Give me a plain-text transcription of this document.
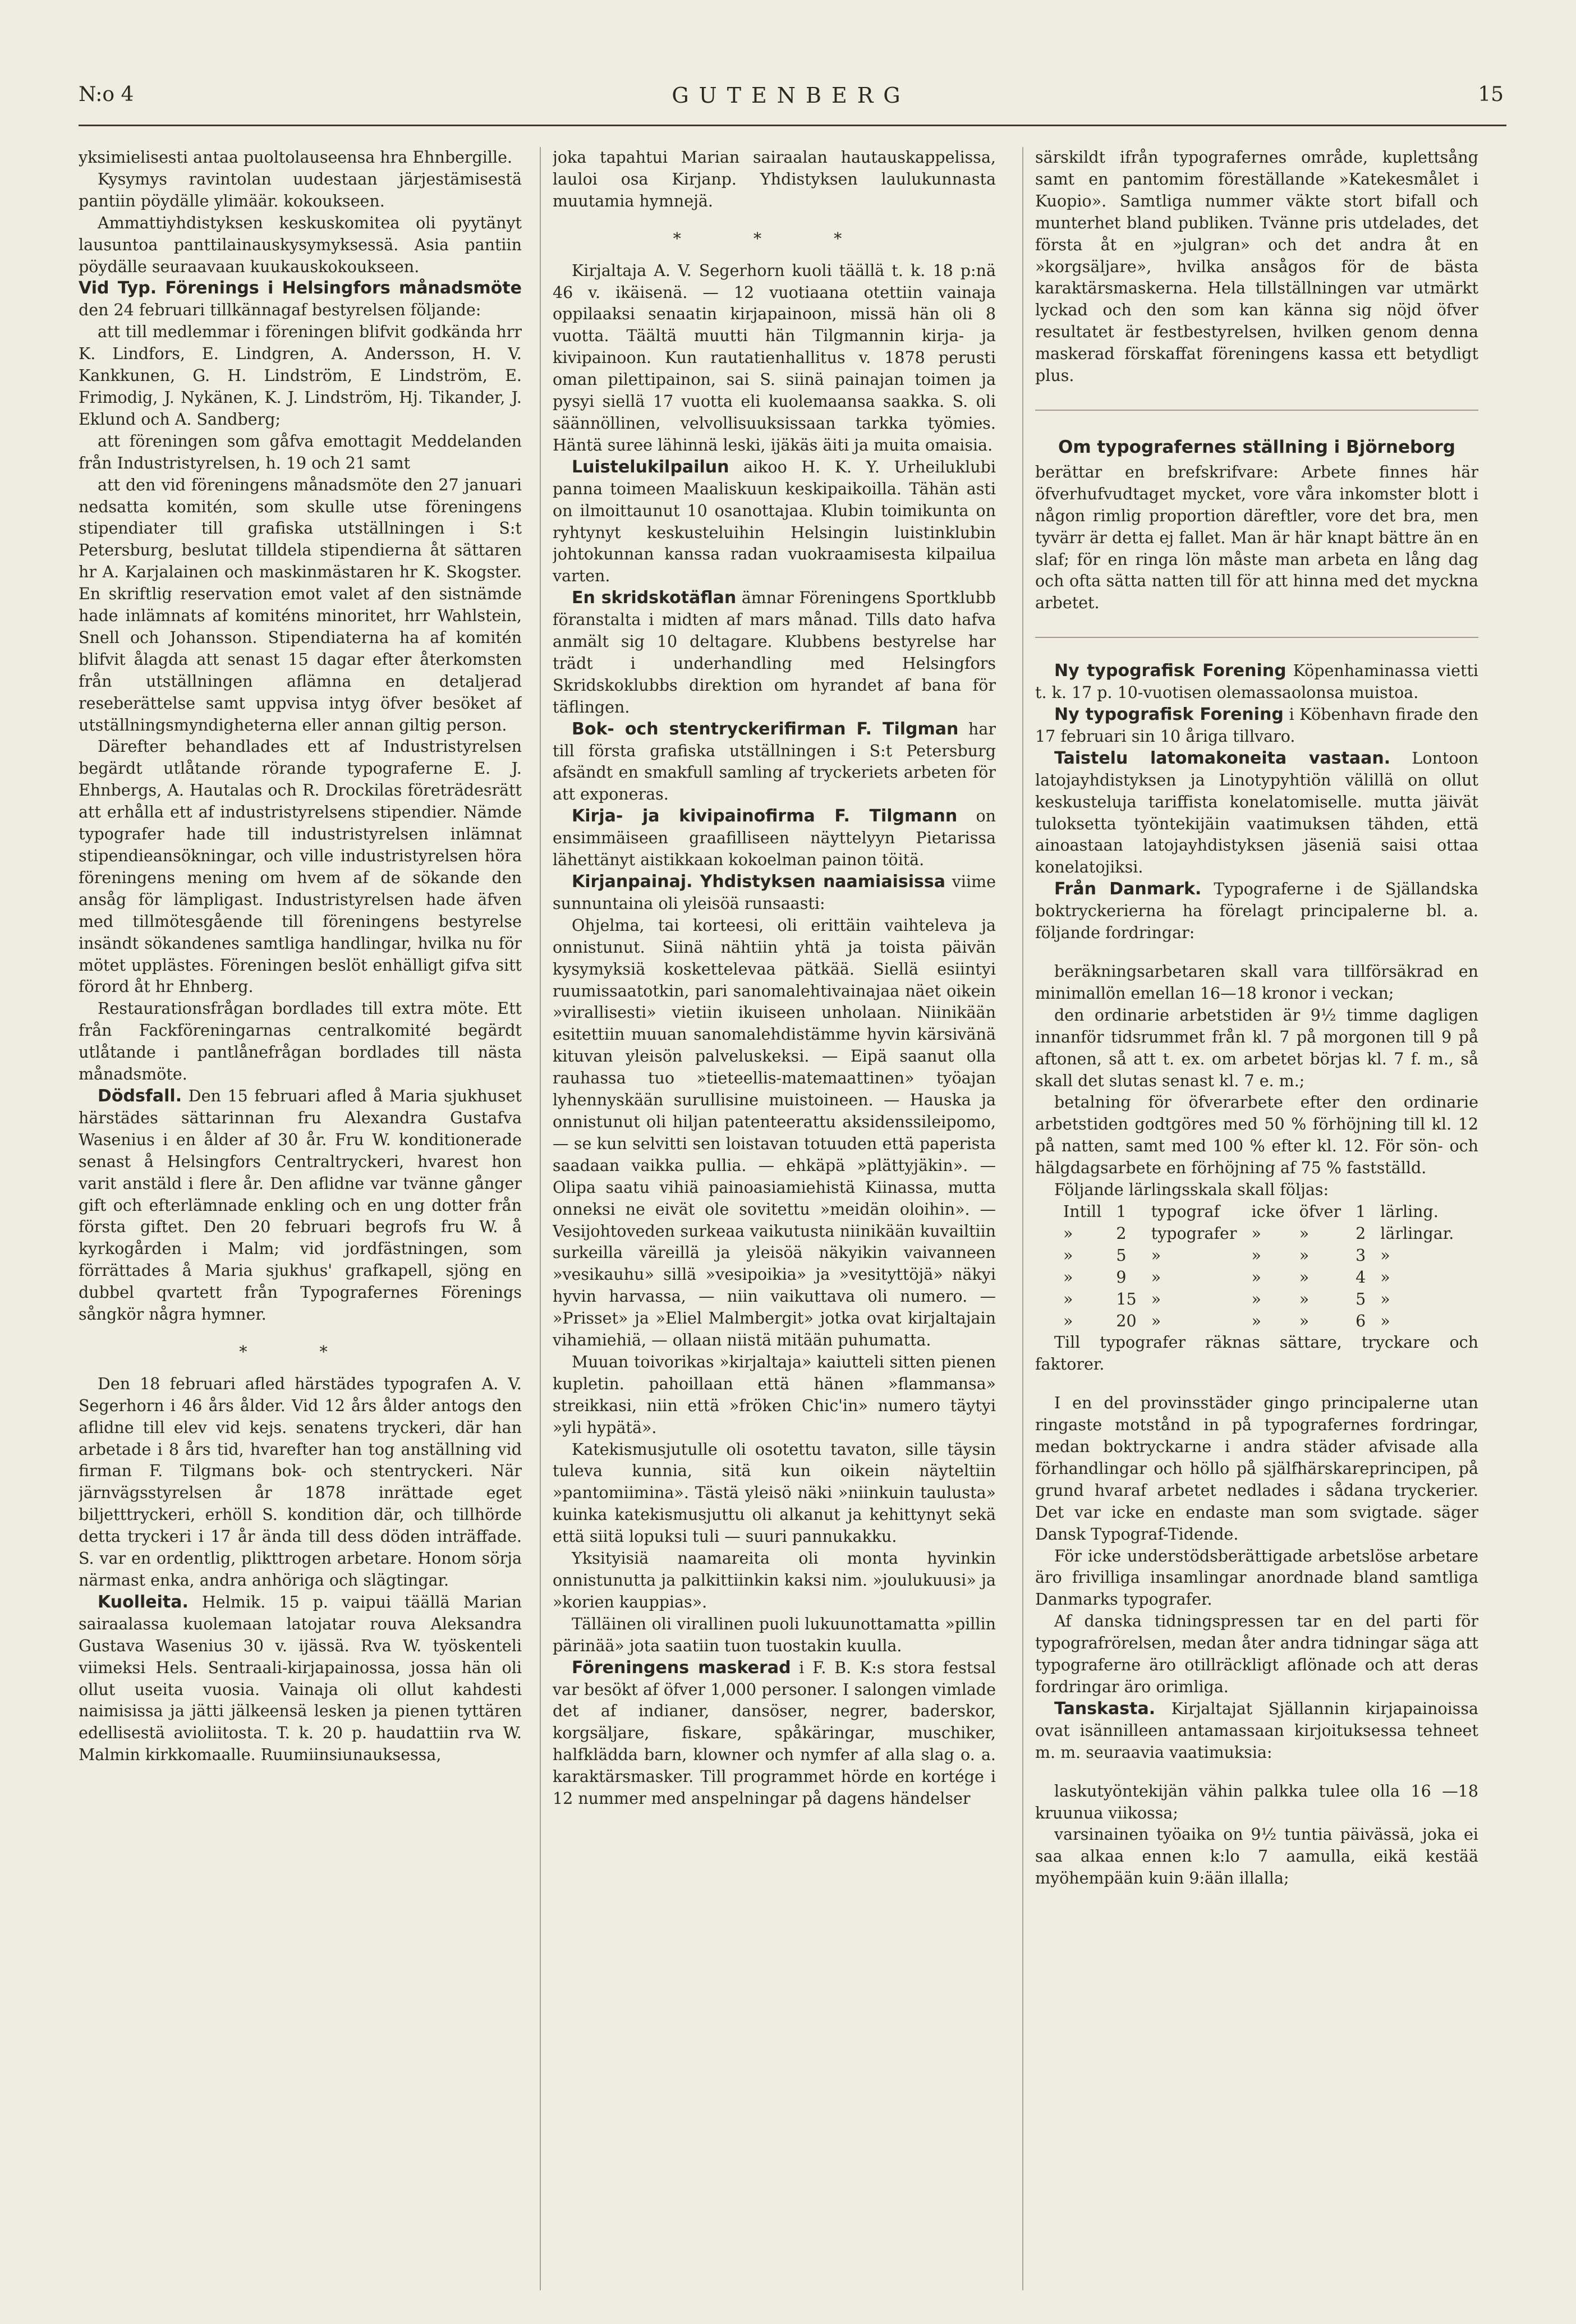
N:o 4	GUTENBERG	15

yksimielisesti antaa puoltolauseensa hra Ehnbergille.

Kysymys ravintolan uudestaan järjestämisestä pantiin pöydälle ylimäär. kokoukseen.

Ammattiyhdistyksen keskuskomitea oli pyytänyt lausuntoa panttilainauskysymyksessä. Asia pantiin pöydälle seuraavaan kuukauskokoukseen.

Vid Typ. Förenings i Helsingfors månadsmöte den 24 februari tillkännagaf bestyrelsen följande:

att till medlemmar i föreningen blifvit godkända hrr K. Lindfors, E. Lindgren, A. Andersson, H. V. Kankkunen, G. H. Lindström, E Lindström, E. Frimodig, J. Nykänen, K. J. Lindström, Hj. Tikander, J. Eklund och A. Sandberg;

att föreningen som gåfva emottagit Meddelanden från Industristyrelsen, h. 19 och 21 samt

att den vid föreningens månadsmöte den 27 januari nedsatta komitén, som skulle utse föreningens stipendiater till grafiska utställningen i S:t Petersburg, beslutat tilldela stipendierna åt sättaren hr A. Karjalainen och maskinmästaren hr K. Skogster. En skriftlig reservation emot valet af den sistnämde hade inlämnats af komiténs minoritet, hrr Wahlstein, Snell och Johansson. Stipendiaterna ha af komitén blifvit ålagda att senast 15 dagar efter återkomsten från utställningen aflämna en detaljerad reseberättelse samt uppvisa intyg öfver besöket af utställningsmyndigheterna eller annan giltig person.

Därefter behandlades ett af Industristyrelsen begärdt utlåtande rörande typograferne E. J. Ehnbergs, A. Hautalas och R. Drockilas företrädesrätt att erhålla ett af industristyrelsens stipendier. Nämde typografer hade till industristyrelsen inlämnat stipendieansökningar, och ville industristyrelsen höra föreningens mening om hvem af de sökande den ansåg för lämpligast. Industristyrelsen hade äfven med tillmötesgående till föreningens bestyrelse insändt sökandenes samtliga handlingar, hvilka nu för mötet upplästes. Föreningen beslöt enhälligt gifva sitt förord åt hr Ehnberg.

Restaurationsfrågan bordlades till extra möte. Ett från Fackföreningarnas centralkomité begärdt utlåtande i pantlånefrågan bordlades till nästa månadsmöte.

Dödsfall. Den 15 februari afled å Maria sjukhuset härstädes sättarinnan fru Alexandra Gustafva Wasenius i en ålder af 30 år. Fru W. konditionerade senast å Helsingfors Centraltryckeri, hvarest hon varit anstäld i flere år. Den aflidne var tvänne gånger gift och efterlämnade enkling och en ung dotter från första giftet. Den 20 februari begrofs fru W. å kyrkogården i Malm; vid jordfästningen, som förrättades å Maria sjukhus' grafkapell, sjöng en dubbel qvartett från Typografernes Förenings sångkör några hymner.

* *

Den 18 februari afled härstädes typografen A. V. Segerhorn i 46 års ålder. Vid 12 års ålder antogs den aflidne till elev vid kejs. senatens tryckeri, där han arbetade i 8 års tid, hvarefter han tog anställning vid firman F. Tilgmans bok- och stentryckeri. När järnvägsstyrelsen år 1878 inrättade eget biljetttryckeri, erhöll S. kondition där, och tillhörde detta tryckeri i 17 år ända till dess döden inträffade. S. var en ordentlig, plikttrogen arbetare. Honom sörja närmast enka, andra anhöriga och slägtingar.

Kuolleita. Helmik. 15 p. vaipui täällä Marian sairaalassa kuolemaan latojatar rouva Aleksandra Gustava Wasenius 30 v. ijässä. Rva W. työskenteli viimeksi Hels. Sentraali-kirjapainossa, jossa hän oli ollut useita vuosia. Vainaja oli ollut kahdesti naimisissa ja jätti jälkeensä lesken ja pienen tyttären edellisestä avioliitosta. T. k. 20 p. haudattiin rva W. Malmin kirkkomaalle. Ruumiinsiunauksessa,

joka tapahtui Marian sairaalan hautauskappelissa, lauloi osa Kirjanp. Yhdistyksen laulukunnasta muutamia hymnejä.

* * *

Kirjaltaja A. V. Segerhorn kuoli täällä t. k. 18 p:nä 46 v. ikäisenä. — 12 vuotiaana otettiin vainaja oppilaaksi senaatin kirjapainoon, missä hän oli 8 vuotta. Täältä muutti hän Tilgmannin kirja- ja kivipainoon. Kun rautatienhallitus v. 1878 perusti oman pilettipainon, sai S. siinä painajan toimen ja pysyi siellä 17 vuotta eli kuolemaansa saakka. S. oli säännöllinen, velvollisuuksissaan tarkka työmies. Häntä suree lähinnä leski, ijäkäs äiti ja muita omaisia.

Luistelukilpailun aikoo H. K. Y. Urheiluklubi panna toimeen Maaliskuun keskipaikoilla. Tähän asti on ilmoittaunut 10 osanottajaa. Klubin toimikunta on ryhtynyt keskusteluihin Helsingin luistinklubin johtokunnan kanssa radan vuokraamisesta kilpailua varten.

En skridskotäflan ämnar Föreningens Sportklubb föranstalta i midten af mars månad. Tills dato hafva anmält sig 10 deltagare. Klubbens bestyrelse har trädt i underhandling med Helsingfors Skridskoklubbs direktion om hyrandet af bana för täflingen.

Bok- och stentryckerifirman F. Tilgman har till första grafiska utställningen i S:t Petersburg afsändt en smakfull samling af tryckeriets arbeten för att exponeras.

Kirja- ja kivipainofirma F. Tilgmann on ensimmäiseen graafilliseen näyttelyyn Pietarissa lähettänyt aistikkaan kokoelman painon töitä.

Kirjanpainaj. Yhdistyksen naamiaisissa viime sunnuntaina oli yleisöä runsaasti:

Ohjelma, tai korteesi, oli erittäin vaihteleva ja onnistunut. Siinä nähtiin yhtä ja toista päivän kysymyksiä koskettelevaa pätkää. Siellä esiintyi ruumissaatotkin, pari sanomalehtivainajaa näet oikein »virallisesti» vietiin ikuiseen unholaan. Niinikään esitettiin muuan sanomalehdistämme hyvin kärsivänä kituvan yleisön palveluskeksi. — Eipä saanut olla rauhassa tuo »tieteellis-matemaattinen» työajan lyhennyskään surullisine muistoineen. — Hauska ja onnistunut oli hiljan patenteerattu aksidenssileipomo, — se kun selvitti sen loistavan totuuden että paperista saadaan vaikka pullia. — ehkäpä »plättyjäkin». — Olipa saatu vihiä painoasiamiehistä Kiinassa, mutta onneksi ne eivät ole sovitettu »meidän oloihin». — Vesijohtoveden surkeaa vaikutusta niinikään kuvailtiin surkeilla väreillä ja yleisöä näkyikin vaivanneen »vesikauhu» sillä »vesipoikia» ja »vesityttöjä» näkyi hyvin harvassa, — niin vaikuttava oli numero. — »Prisset» ja »Eliel Malmbergit» jotka ovat kirjaltajain vihamiehiä, — ollaan niistä mitään puhumatta.

Muuan toivorikas »kirjaltaja» kaiutteli sitten pienen kupletin. pahoillaan että hänen »flammansa» streikkasi, niin että »fröken Chic'in» numero täytyi »yli hypätä».

Katekismusjutulle oli osotettu tavaton, sille täysin tuleva kunnia, sitä kun oikein näyteltiin »pantomiimina». Tästä yleisö näki »niinkuin taulusta» kuinka katekismusjuttu oli alkanut ja kehittynyt sekä että siitä lopuksi tuli — suuri pannukakku.

Yksityisiä naamareita oli monta hyvinkin onnistunutta ja palkittiinkin kaksi nim. »joulukuusi» ja »korien kauppias».

Tälläinen oli virallinen puoli lukuunottamatta »pillin pärinää» jota saatiin tuon tuostakin kuulla.

Föreningens maskerad i F. B. K:s stora festsal var besökt af öfver 1,000 personer. I salongen vimlade det af indianer, dansöser, negrer, baderskor, korgsäljare, fiskare, spåkäringar, muschiker, halfklädda barn, klowner och nymfer af alla slag o. a. karaktärsmasker. Till programmet hörde en kortége i 12 nummer med anspelningar på dagens händelser

särskildt ifrån typografernes område, kuplettsång samt en pantomim föreställande »Katekesmålet i Kuopio». Samtliga nummer väkte stort bifall och munterhet bland publiken. Tvänne pris utdelades, det första åt en »julgran» och det andra åt en »korgsäljare», hvilka ansågos för de bästa karaktärsmaskerna. Hela tillställningen var utmärkt lyckad och den som kan känna sig nöjd öfver resultatet är festbestyrelsen, hvilken genom denna maskerad förskaffat föreningens kassa ett betydligt plus.

Om typografernes ställning i Björneborg

berättar en brefskrifvare: Arbete finnes här öfverhufvudtaget mycket, vore våra inkomster blott i någon rimlig proportion däreftler, vore det bra, men tyvärr är detta ej fallet. Man är här knapt bättre än en slaf; för en ringa lön måste man arbeta en lång dag och ofta sätta natten till för att hinna med det myckna arbetet.

Ny typografisk Forening Köpenhaminassa vietti t. k. 17 p. 10-vuotisen olemassaolonsa muistoa.

Ny typografisk Forening i Köbenhavn firade den 17 februari sin 10 åriga tillvaro.

Taistelu latomakoneita vastaan. Lontoon latojayhdistyksen ja Linotypyhtiön välillä on ollut keskusteluja tariffista konelatomiselle. mutta jäivät tuloksetta työntekijäin vaatimuksen tähden, että ainoastaan latojayhdistyksen jäseniä saisi ottaa konelatojiksi.

Från Danmark. Typograferne i de Själlandska boktryckerierna ha förelagt principalerne bl. a. följande fordringar:

beräkningsarbetaren skall vara tillförsäkrad en minimallön emellan 16—18 kronor i veckan;

den ordinarie arbetstiden är 9½ timme dagligen innanför tidsrummet från kl. 7 på morgonen till 9 på aftonen, så att t. ex. om arbetet börjas kl. 7 f. m., så skall det slutas senast kl. 7 e. m.;

betalning för öfverarbete efter den ordinarie arbetstiden godtgöres med 50 % förhöjning till kl. 12 på natten, samt med 100 % efter kl. 12. För sön- och hälgdagsarbete en förhöjning af 75 % fastställd.

Följande lärlingsskala skall följas:

Intill	1	typograf	icke	öfver	1	lärling.
»	2	typografer	»	»	2	lärlingar.
»	5	»	»	»	3	»
»	9	»	»	»	4	»
»	15	»	»	»	5	»
»	20	»	»	»	6	»

Till typografer räknas sättare, tryckare och faktorer.

I en del provinsstäder gingo principalerne utan ringaste motstånd in på typografernes fordringar, medan boktryckarne i andra städer afvisade alla förhandlingar och höllo på själfhärskareprincipen, på grund hvaraf arbetet nedlades i sådana tryckerier. Det var icke en endaste man som svigtade. säger Dansk Typograf-Tidende.

För icke understödsberättigade arbetslöse arbetare äro frivilliga insamlingar anordnade bland samtliga Danmarks typografer.

Af danska tidningspressen tar en del parti för typografrörelsen, medan åter andra tidningar säga att typograferne äro otillräckligt aflönade och att deras fordringar äro orimliga.

Tanskasta. Kirjaltajat Själlannin kirjapainoissa ovat isännilleen antamassaan kirjoituksessa tehneet m. m. seuraavia vaatimuksia:

laskutyöntekijän vähin palkka tulee olla 16 —18 kruunua viikossa;

varsinainen työaika on 9½ tuntia päivässä, joka ei saa alkaa ennen k:lo 7 aamulla, eikä kestää myöhempään kuin 9:ään illalla;
